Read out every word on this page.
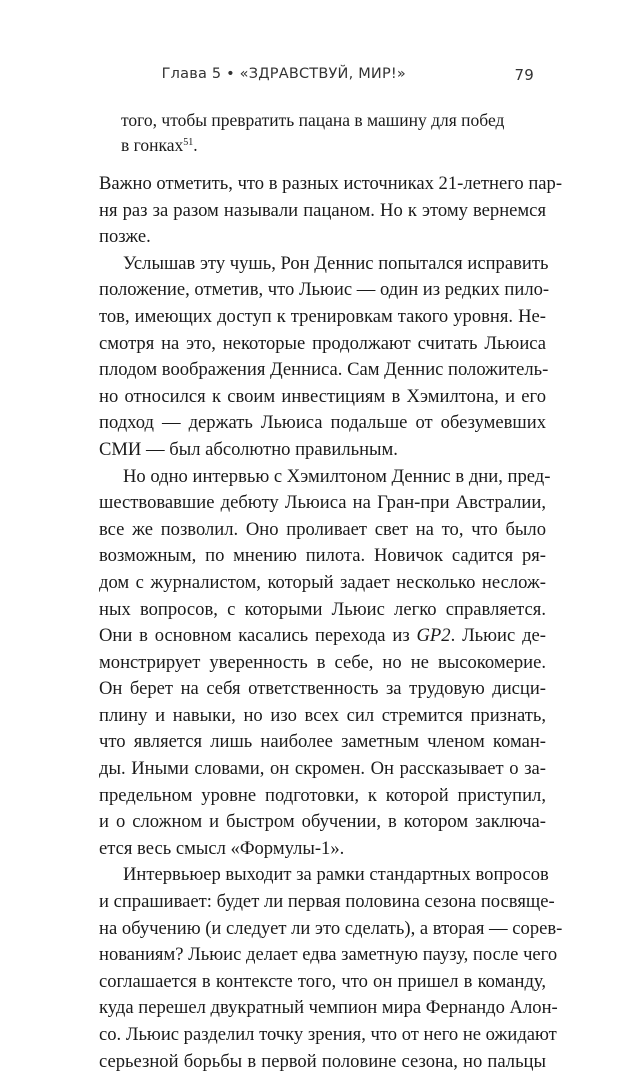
Глава 5 • «ЗДРАВСТВУЙ, МИР!»	79
того, чтобы превратить пацана в машину для побед
в гонках$^{51}$.

Важно отметить, что в разных источниках 21-летнего пар-
ня раз за разом называли пацаном. Но к этому вернемся
позже.

Услышав эту чушь, Рон Деннис попытался исправить
положение, отметив, что Льюис — один из редких пило-
тов, имеющих доступ к тренировкам такого уровня. Не-
смотря на это, некоторые продолжают считать Льюиса
плодом воображения Денниса. Сам Деннис положитель-
но относился к своим инвестициям в Хэмилтона, и его
подход — держать Льюиса подальше от обезумевших
СМИ — был абсолютно правильным.

Но одно интервью с Хэмилтоном Деннис в дни, пред-
шествовавшие дебюту Льюиса на Гран-при Австралии,
все же позволил. Оно проливает свет на то, что было
возможным, по мнению пилота. Новичок садится ря-
дом с журналистом, который задает несколько неслож-
ных вопросов, с которыми Льюис легко справляется.
Они в основном касались перехода из GP2. Льюис де-
монстрирует уверенность в себе, но не высокомерие.
Он берет на себя ответственность за трудовую дисци-
плину и навыки, но изо всех сил стремится признать,
что является лишь наиболее заметным членом коман-
ды. Иными словами, он скромен. Он рассказывает о за-
предельном уровне подготовки, к которой приступил,
и о сложном и быстром обучении, в котором заключа-
ется весь смысл «Формулы-1».

Интервьюер выходит за рамки стандартных вопросов
и спрашивает: будет ли первая половина сезона посвяще-
на обучению (и следует ли это сделать), а вторая — сорев-
нованиям? Льюис делает едва заметную паузу, после чего
соглашается в контексте того, что он пришел в команду,
куда перешел двукратный чемпион мира Фернандо Алон-
со. Льюис разделил точку зрения, что от него не ожидают
серьезной борьбы в первой половине сезона, но пальцы
